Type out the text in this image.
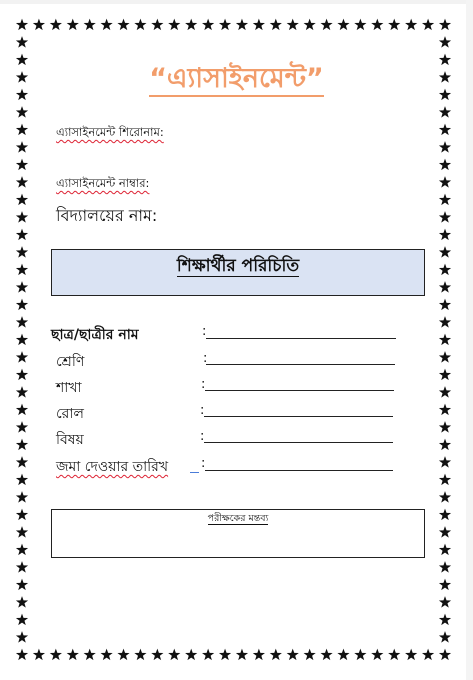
“এ্যাসাইনমেন্ট”
এ্যাসাইনমেন্ট শিরোনাম:
এ্যাসাইনমেন্ট নাম্বার:
বিদ্যালয়ের নাম:
শিক্ষার্থীর পরিচিতি
ছাত্র/ছাত্রীর নাম	:
শ্রেণি	:
শাখা	:
রোল	:
বিষয়	:
জমা দেওয়ার তারিখ	:
পরীক্ষকের মন্তব্য
